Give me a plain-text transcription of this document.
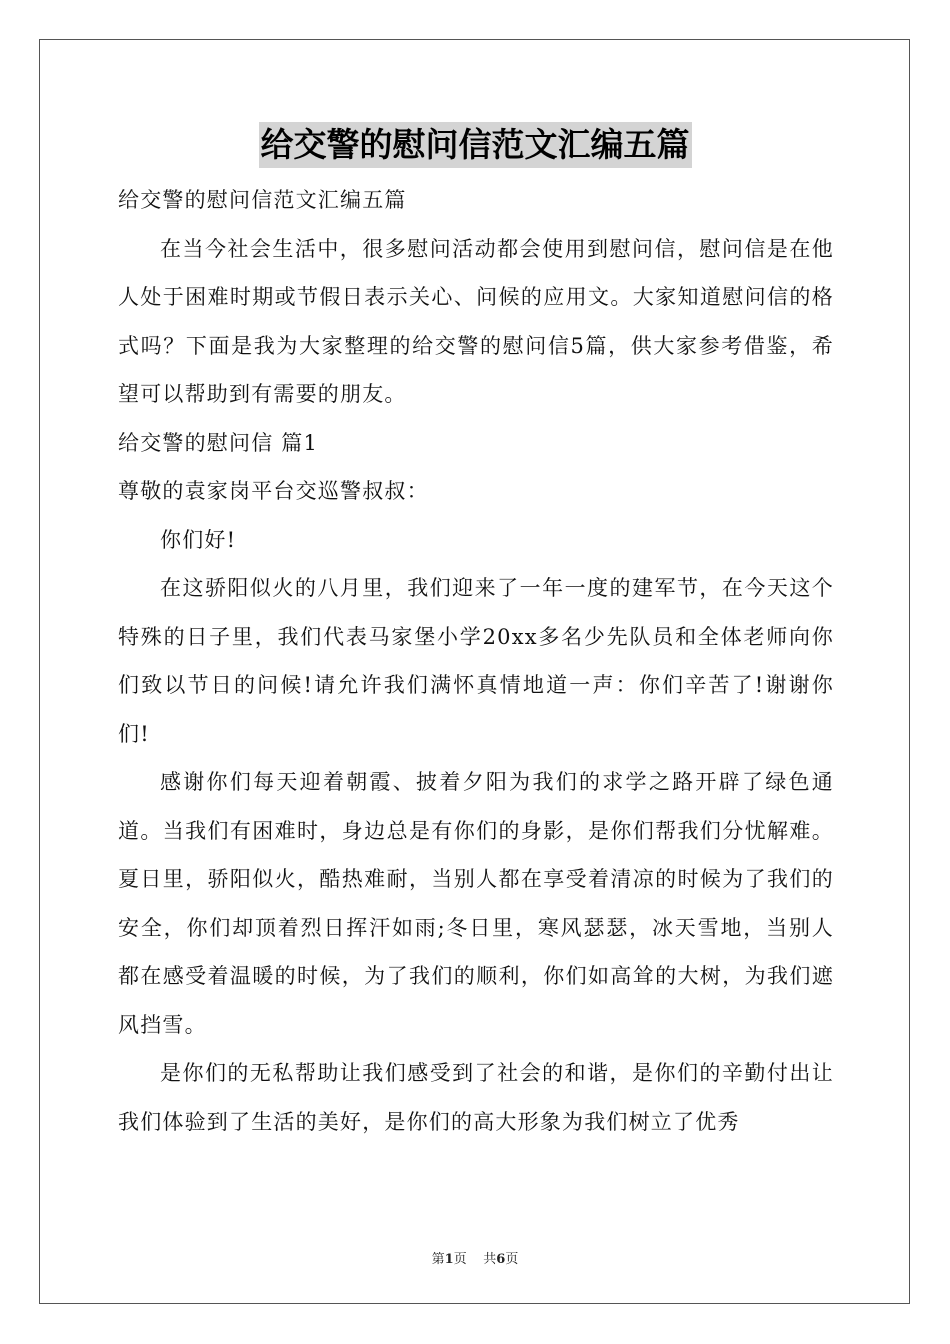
给交警的慰问信范文汇编五篇
给交警的慰问信范文汇编五篇

在当今社会生活中，很多慰问活动都会使用到慰问信，慰问信是在他人处于困难时期或节假日表示关心、问候的应用文。大家知道慰问信的格式吗？下面是我为大家整理的给交警的慰问信5篇，供大家参考借鉴，希望可以帮助到有需要的朋友。

给交警的慰问信 篇1
尊敬的袁家岗平台交巡警叔叔：

你们好!

在这骄阳似火的八月里，我们迎来了一年一度的建军节，在今天这个特殊的日子里，我们代表马家堡小学20xx多名少先队员和全体老师向你们致以节日的问候!请允许我们满怀真情地道一声：你们辛苦了!谢谢你们!

感谢你们每天迎着朝霞、披着夕阳为我们的求学之路开辟了绿色通道。当我们有困难时，身边总是有你们的身影，是你们帮我们分忧解难。夏日里，骄阳似火，酷热难耐，当别人都在享受着清凉的时候为了我们的安全，你们却顶着烈日挥汗如雨;冬日里，寒风瑟瑟，冰天雪地，当别人都在感受着温暖的时候，为了我们的顺利，你们如高耸的大树，为我们遮风挡雪。

是你们的无私帮助让我们感受到了社会的和谐，是你们的辛勤付出让我们体验到了生活的美好，是你们的高大形象为我们树立了优秀

第1页 共6页
